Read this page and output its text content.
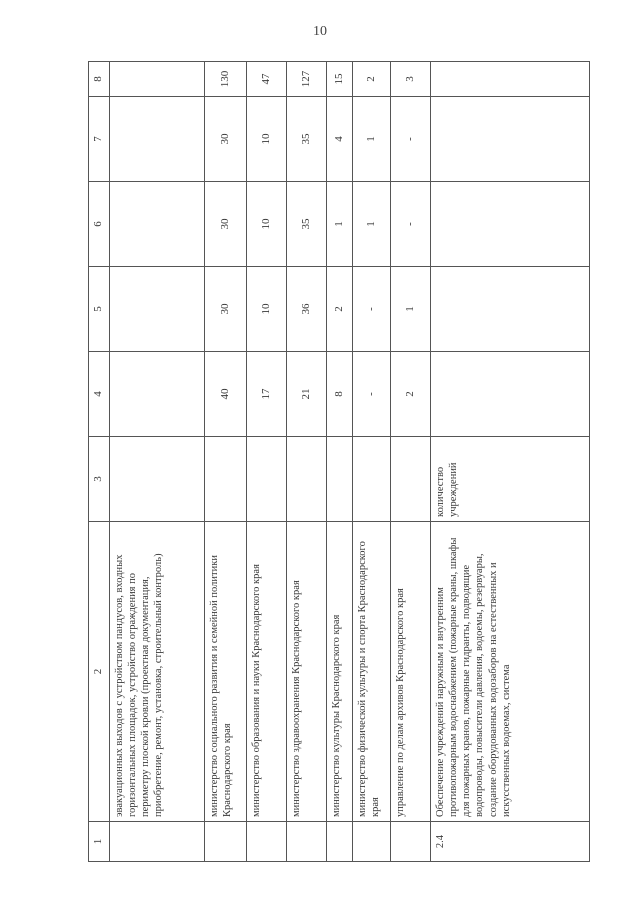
10
1	2	3	4	5	6	7	8
	эвакуационных выходов с устройством пандусов, входных горизонтальных площадок, устройство ограждения по периметру плоской кровли (проектная документация, приобретение, ремонт, установка, строительный контроль)						
	министерство социального развития и семейной политики Краснодарского края		40	30	30	30	130
	министерство образования и науки Краснодарского края		17	10	10	10	47
	министерство здравоохранения Краснодарского края		21	36	35	35	127
	министерство культуры Краснодарского края		8	2	1	4	15
	министерство физической культуры и спорта Краснодарского края		-	-	1	1	2
	управление по делам архивов Краснодарского края		2	1	-	-	3
2.4	Обеспечение учреждений наружным и внутренним противопожарным водоснабжением (пожарные краны, шкафы для пожарных кранов, пожарные гидранты, подводящие водопроводы, повысители давления, водоемы, резервуары, создание оборудованных водозаборов на естественных и искусственных водоемах, система	количество учреждений					
